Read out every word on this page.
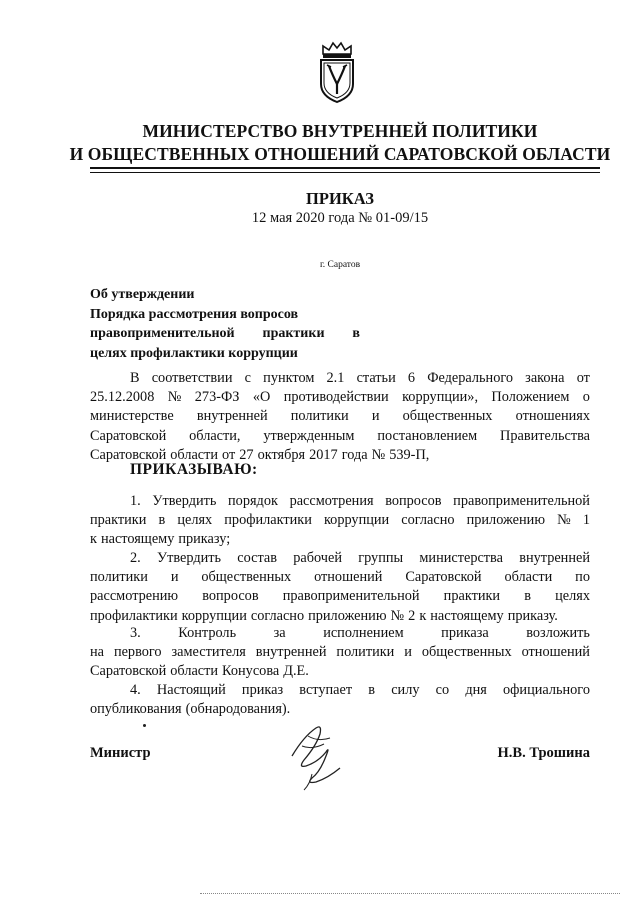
МИНИСТЕРСТВО ВНУТРЕННЕЙ ПОЛИТИКИ
И ОБЩЕСТВЕННЫХ ОТНОШЕНИЙ САРАТОВСКОЙ ОБЛАСТИ
ПРИКАЗ
12 мая 2020 года № 01-09/15
г. Саратов
Об утверждении
Порядка рассмотрения вопросов
правоприменительной практики в
целях профилактики коррупции
В соответствии с пунктом 2.1 статьи 6 Федерального закона от
25.12.2008 № 273-ФЗ «О противодействии коррупции», Положением о
министерстве внутренней политики и общественных отношениях
Саратовской области, утвержденным постановлением Правительства
Саратовской области от 27 октября 2017 года № 539-П,
ПРИКАЗЫВАЮ:
1. Утвердить порядок рассмотрения вопросов правоприменительной
практики в целях профилактики коррупции согласно приложению № 1
к настоящему приказу;
2. Утвердить состав рабочей группы министерства внутренней
политики и общественных отношений Саратовской области по
рассмотрению вопросов правоприменительной практики в целях
профилактики коррупции согласно приложению № 2 к настоящему приказу.
3.	Контроль	за	исполнением	приказа	возложить
на первого заместителя внутренней политики и общественных отношений
Саратовской области Конусова Д.Е.
4. Настоящий приказ вступает в силу со дня официального
опубликования (обнародования).
Министр	Н.В. Трошина
